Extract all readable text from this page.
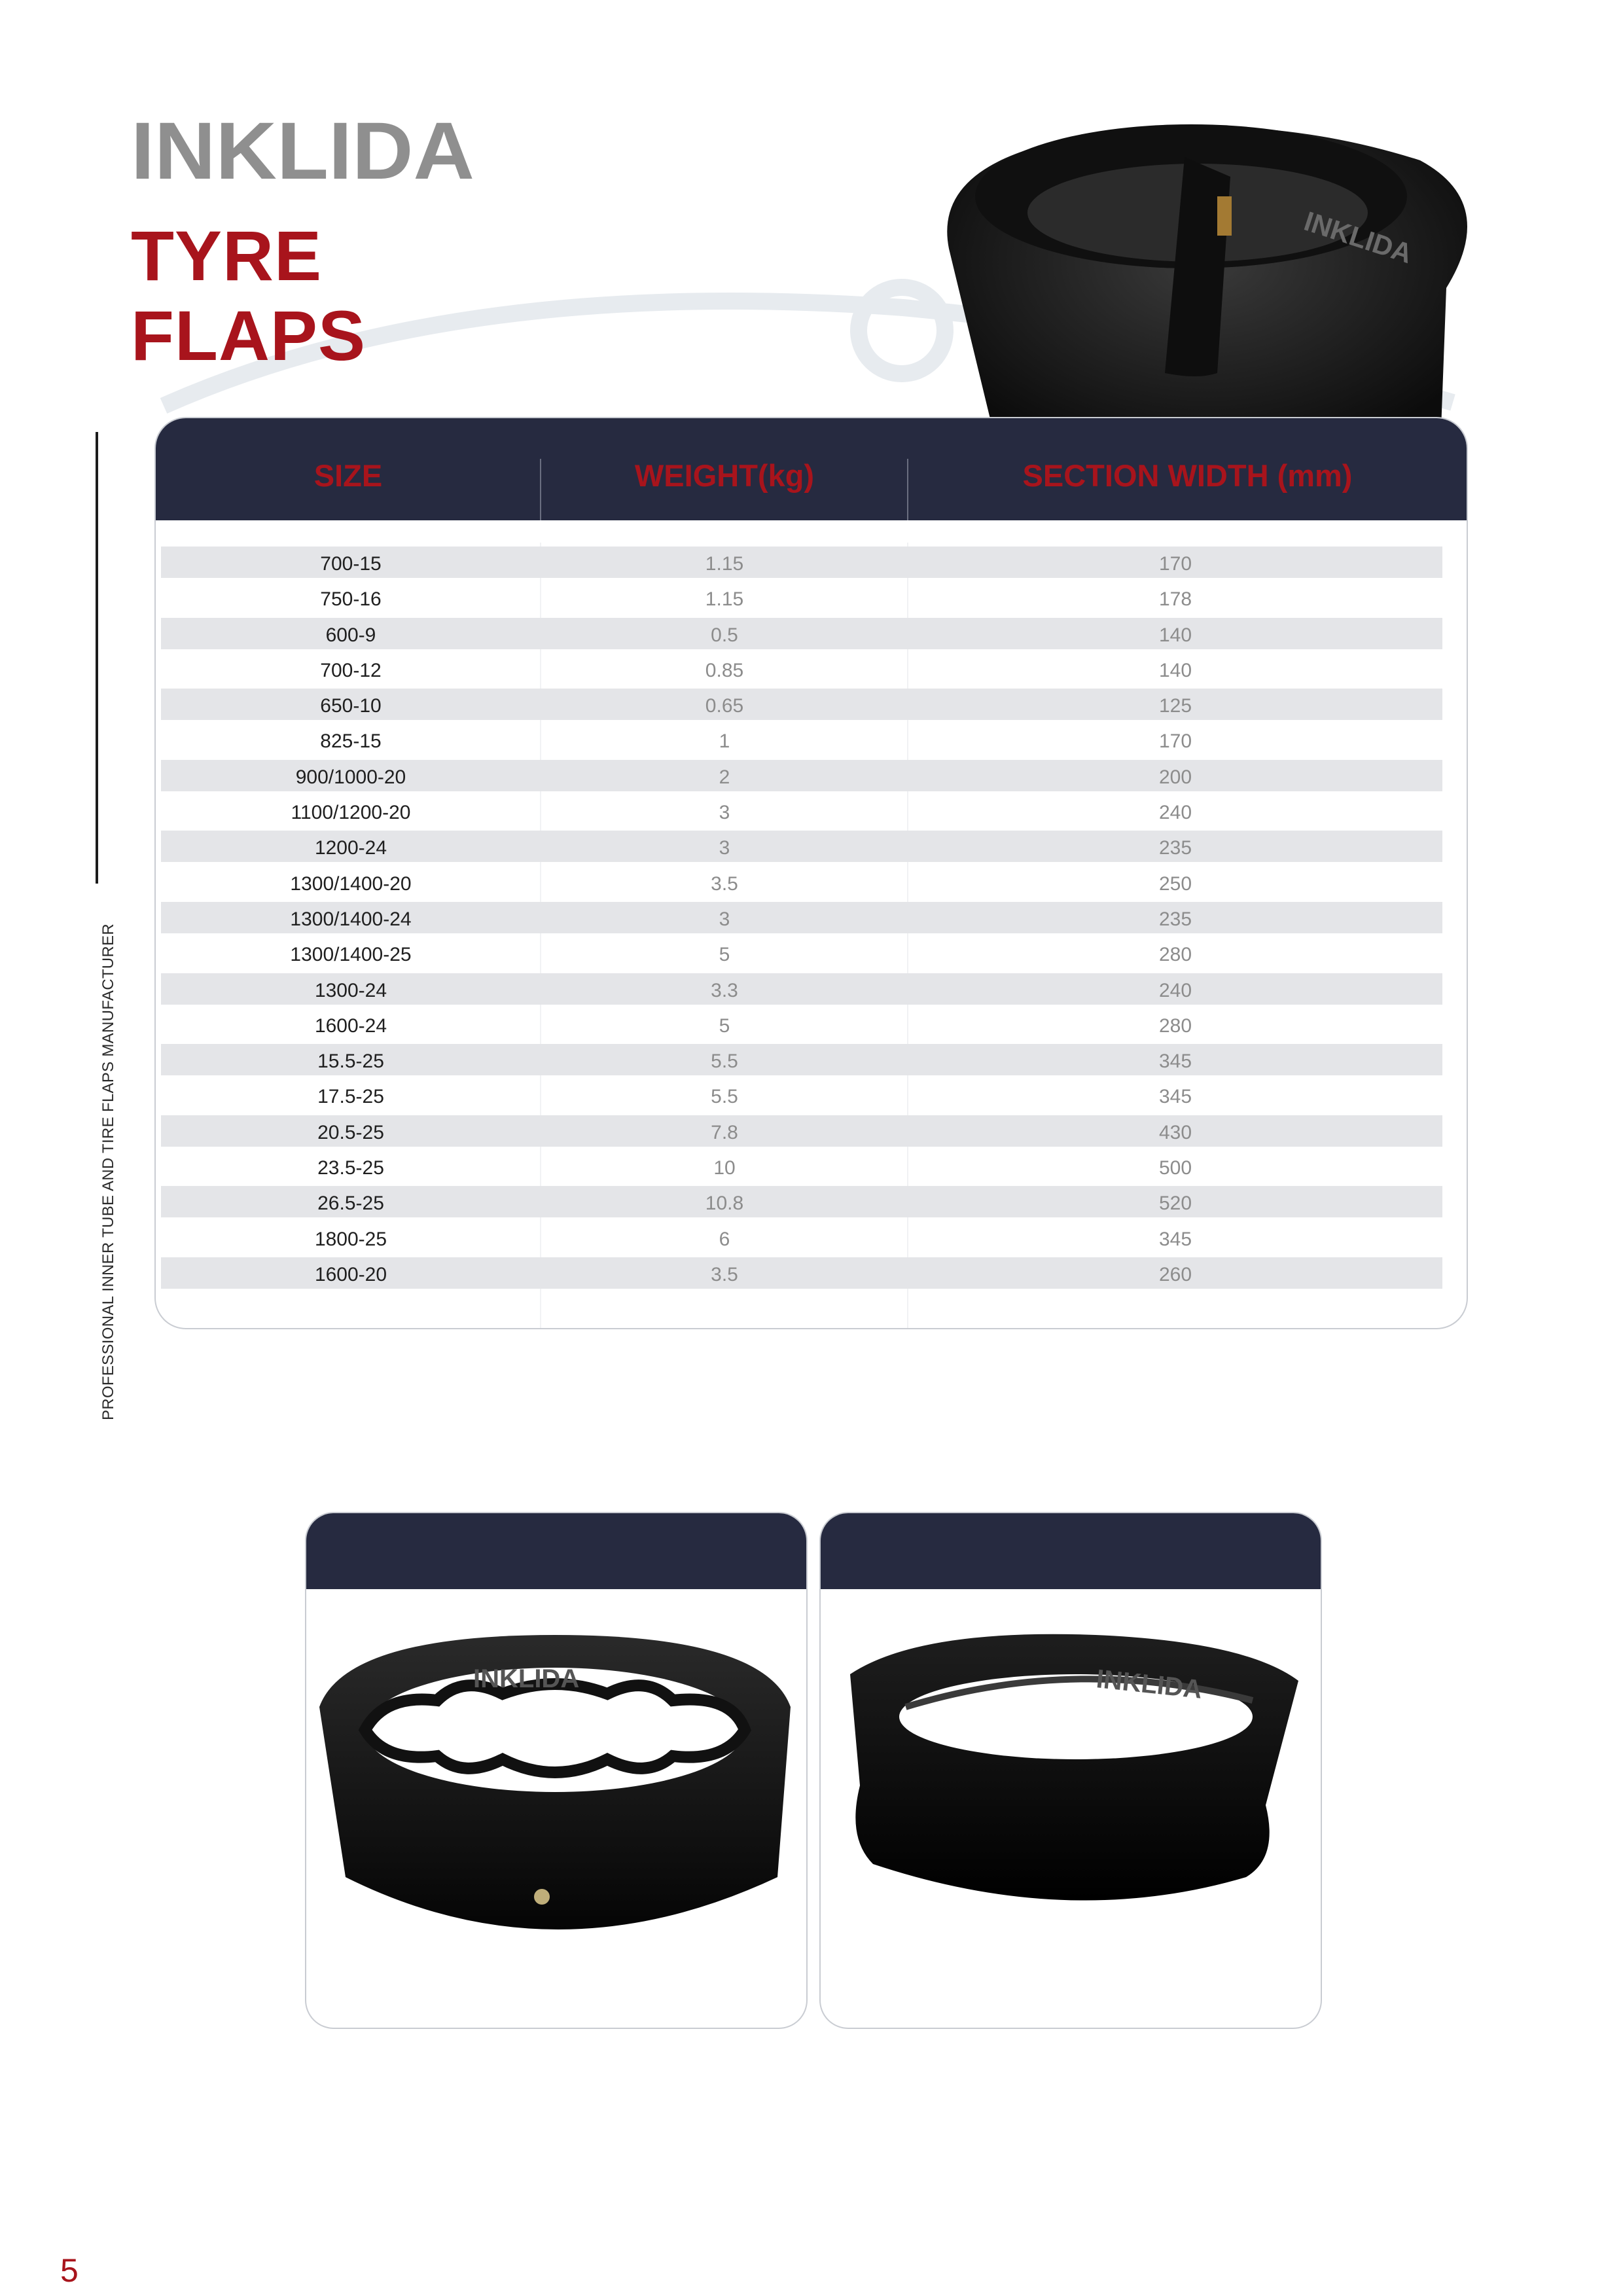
INKLIDA
TYRE
FLAPS
INKLIDA
PROFESSIONAL INNER TUBE AND TIRE FLAPS MANUFACTURER
SIZE	WEIGHT(kg)	SECTION WIDTH (mm)
700-15	1.15	170
750-16	1.15	178
600-9	0.5	140
700-12	0.85	140
650-10	0.65	125
825-15	1	170
900/1000-20	2	200
1100/1200-20	3	240
1200-24	3	235
1300/1400-20	3.5	250
1300/1400-24	3	235
1300/1400-25	5	280
1300-24	3.3	240
1600-24	5	280
15.5-25	5.5	345
17.5-25	5.5	345
20.5-25	7.8	430
23.5-25	10	500
26.5-25	10.8	520
1800-25	6	345
1600-20	3.5	260
INKLIDA	INKLIDA
5
